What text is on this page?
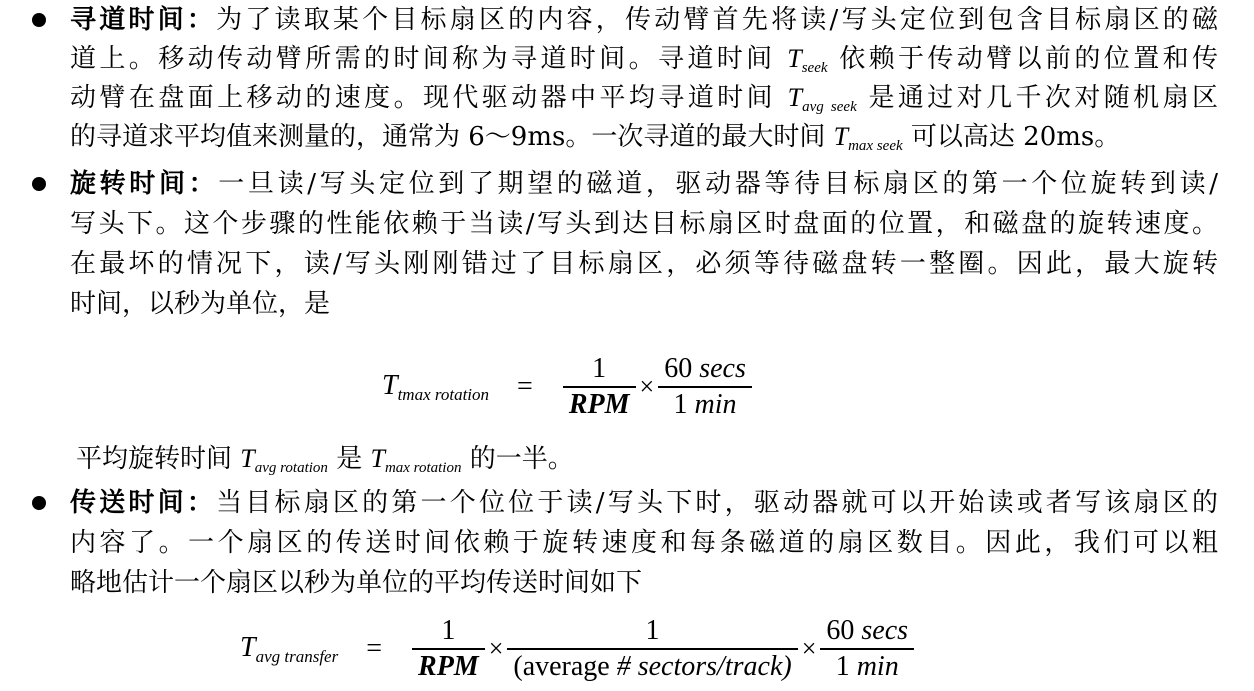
寻道时间：为了读取某个目标扇区的内容，传动臂首先将读/写头定位到包含目标扇区的磁
道上。移动传动臂所需的时间称为寻道时间。寻道时间 $T_{seek}$ 依赖于传动臂以前的位置和传
动臂在盘面上移动的速度。现代驱动器中平均寻道时间 $T_{avg seek}$ 是通过对几千次对随机扇区
的寻道求平均值来测量的，通常为 6～9ms。一次寻道的最大时间 $T_{max seek}$ 可以高达 20ms。
旋转时间：一旦读/写头定位到了期望的磁道，驱动器等待目标扇区的第一个位旋转到读/
写头下。这个步骤的性能依赖于当读/写头到达目标扇区时盘面的位置，和磁盘的旋转速度。
在最坏的情况下，读/写头刚刚错过了目标扇区，必须等待磁盘转一整圈。因此，最大旋转
时间，以秒为单位，是
$T_{tmax rotation} = \frac{1}{\text{RPM}} \times \frac{60 \sec s}{1 \min}$
平均旋转时间 $T_{avg rotation}$ 是 $T_{max rotation}$ 的一半。
传送时间：当目标扇区的第一个位位于读/写头下时，驱动器就可以开始读或者写该扇区的
内容了。一个扇区的传送时间依赖于旋转速度和每条磁道的扇区数目。因此，我们可以粗
略地估计一个扇区以秒为单位的平均传送时间如下
$T_{avg transfer} = \frac{1}{\text{RPM}} \times \frac{1}{\text{(average \# sectors/track)}} \times \frac{60 \sec s}{1 \min}$
